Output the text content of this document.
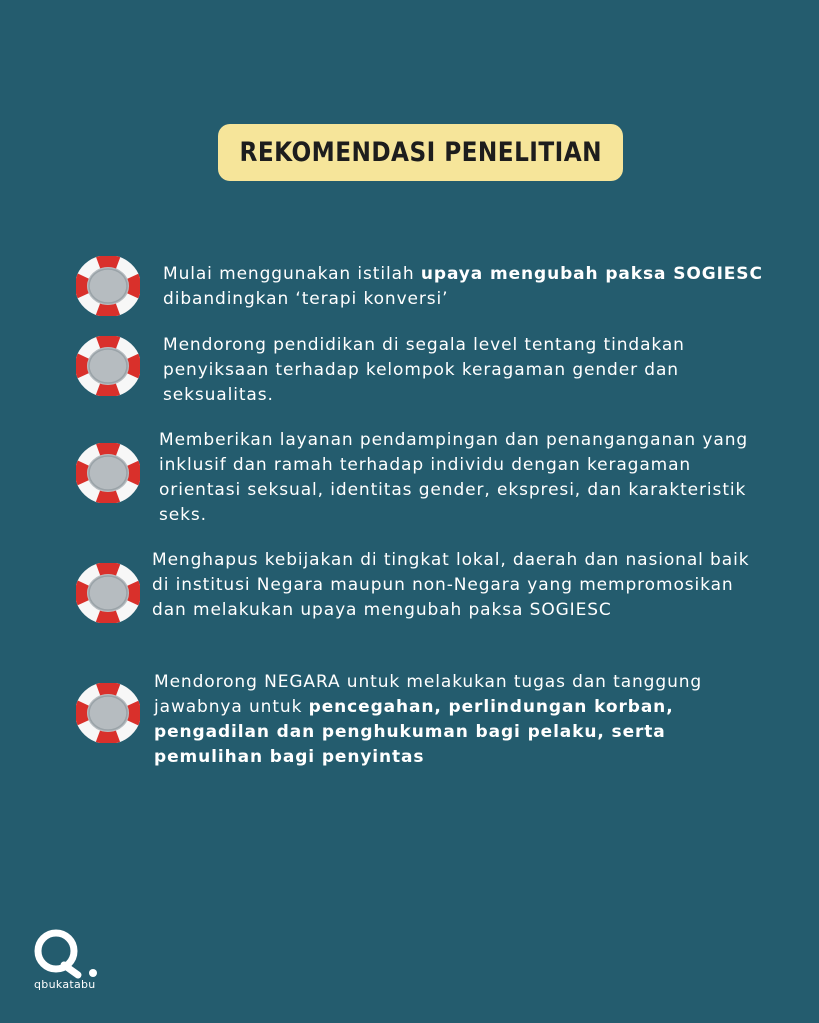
REKOMENDASI PENELITIAN
Mulai menggunakan istilah upaya mengubah paksa SOGIESC dibandingkan ‘terapi konversi’
Mendorong pendidikan di segala level tentang tindakan penyiksaan terhadap kelompok keragaman gender dan seksualitas.
Memberikan layanan pendampingan dan penanganganan yang inklusif dan ramah terhadap individu dengan keragaman orientasi seksual, identitas gender, ekspresi, dan karakteristik seks.
Menghapus kebijakan di tingkat lokal, daerah dan nasional baik di institusi Negara maupun non-Negara yang mempromosikan dan melakukan upaya mengubah paksa SOGIESC
Mendorong NEGARA untuk melakukan tugas dan tanggung jawabnya untuk pencegahan, perlindungan korban, pengadilan dan penghukuman bagi pelaku, serta pemulihan bagi penyintas
qbukatabu
